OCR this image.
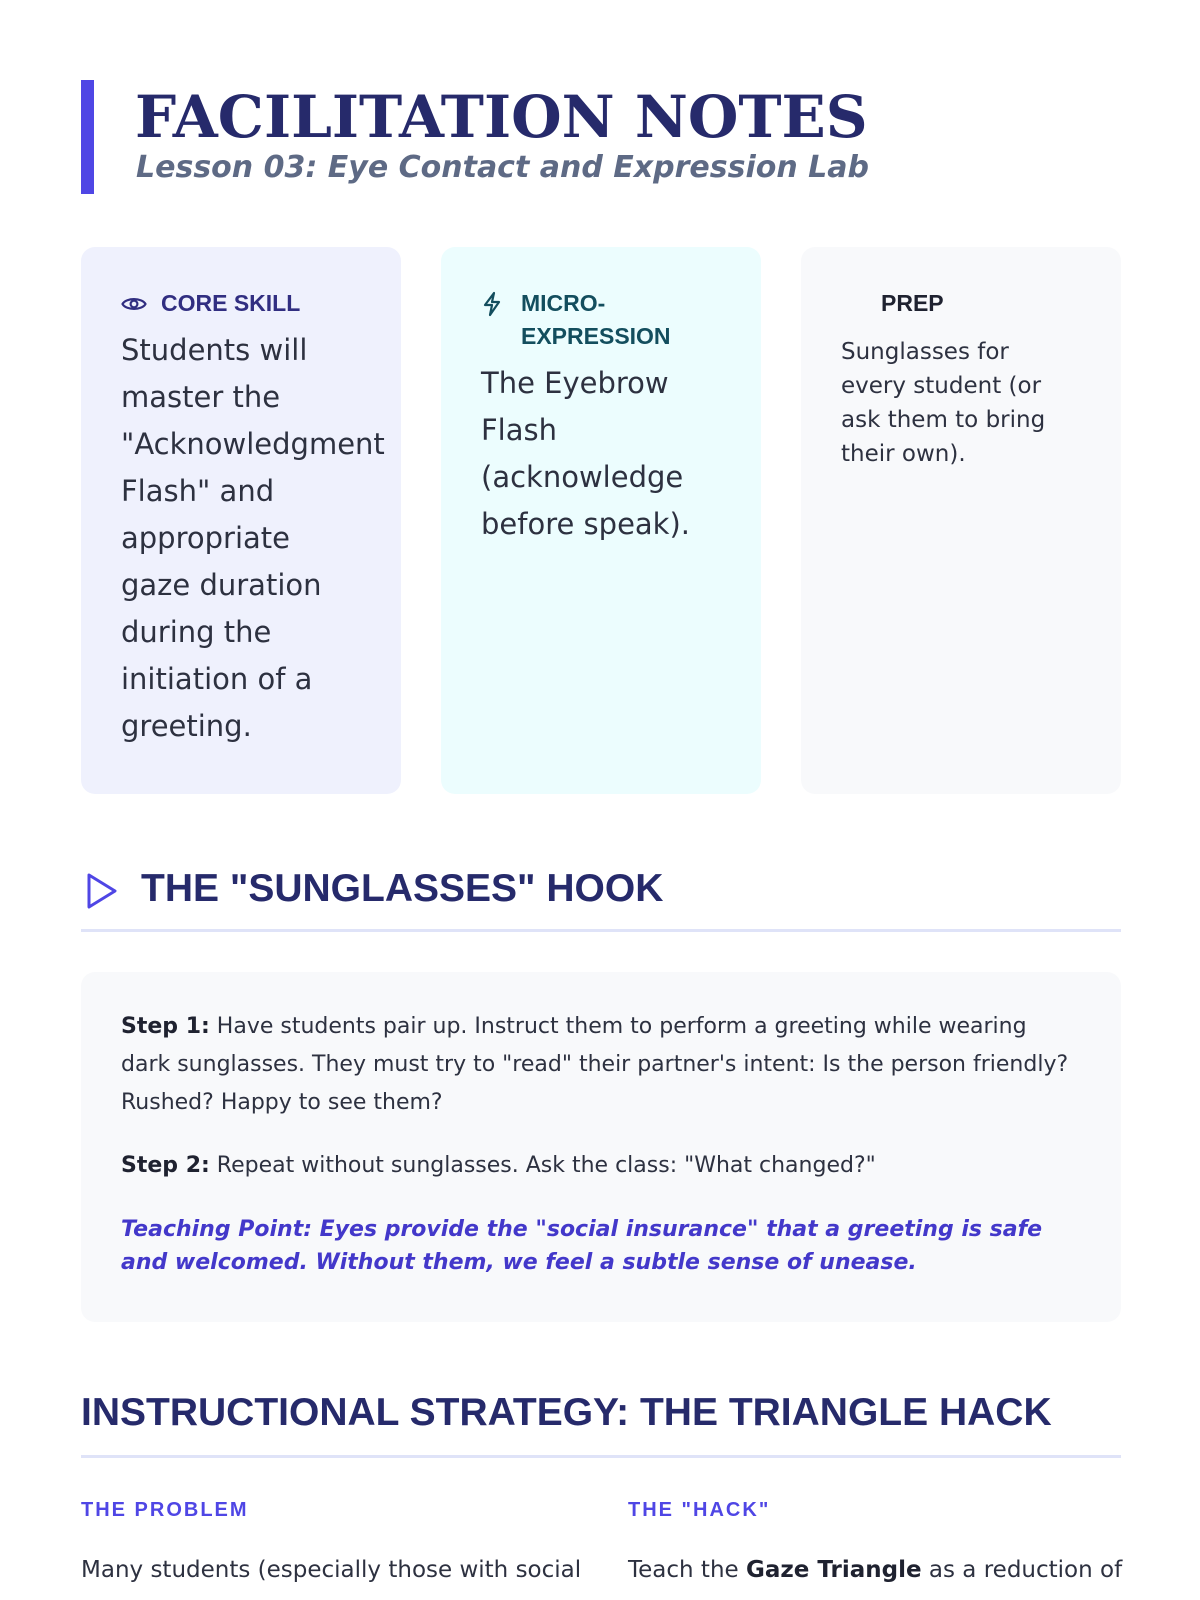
FACILITATION NOTES
Lesson 03: Eye Contact and Expression Lab
CORE SKILL

Students will master the "Acknowledgment Flash" and appropriate gaze duration during the initiation of a greeting.

MICRO-EXPRESSION

The Eyebrow Flash (acknowledge before speak).

PREP

Sunglasses for every student (or ask them to bring their own).

THE "SUNGLASSES" HOOK

Step 1: Have students pair up. Instruct them to perform a greeting while wearing dark sunglasses. They must try to "read" their partner's intent: Is the person friendly? Rushed? Happy to see them?

Step 2: Repeat without sunglasses. Ask the class: "What changed?"

Teaching Point: Eyes provide the "social insurance" that a greeting is safe and welcomed. Without them, we feel a subtle sense of unease.

INSTRUCTIONAL STRATEGY: THE TRIANGLE HACK
THE PROBLEM

Many students (especially those with social

THE "HACK"

Teach the Gaze Triangle as a reduction of
